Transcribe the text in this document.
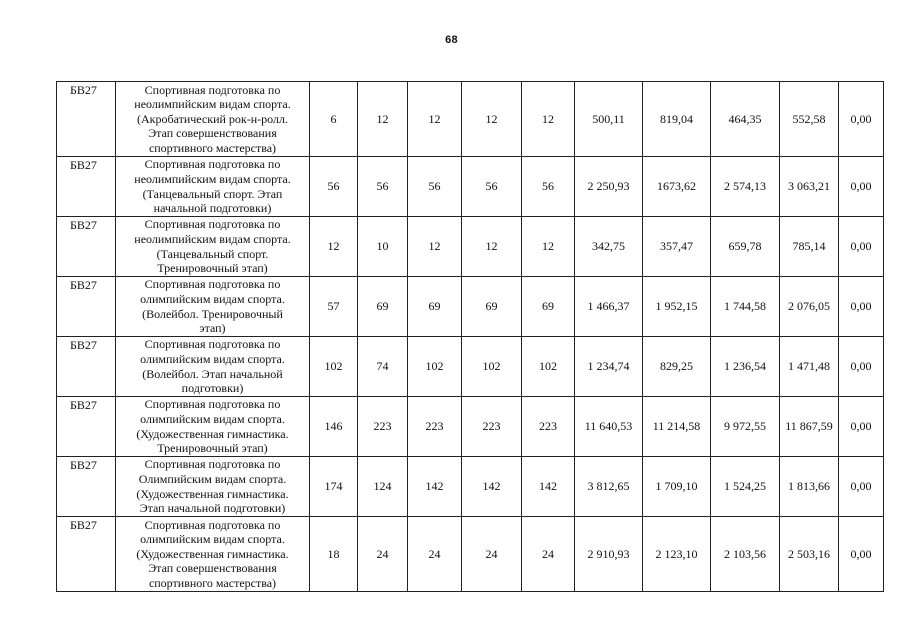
68
БВ27	Спортивная подготовка по
неолимпийским видам спорта.
(Акробатический рок-н-ролл.
Этап совершенствования
спортивного мастерства)	6	12	12	12	12	500,11	819,04	464,35	552,58	0,00
БВ27	Спортивная подготовка по
неолимпийским видам спорта.
(Танцевальный спорт. Этап
начальной подготовки)	56	56	56	56	56	2 250,93	1673,62	2 574,13	3 063,21	0,00
БВ27	Спортивная подготовка по
неолимпийским видам спорта.
(Танцевальный спорт.
Тренировочный этап)	12	10	12	12	12	342,75	357,47	659,78	785,14	0,00
БВ27	Спортивная подготовка по
олимпийским видам спорта.
(Волейбол. Тренировочный
этап)	57	69	69	69	69	1 466,37	1 952,15	1 744,58	2 076,05	0,00
БВ27	Спортивная подготовка по
олимпийским видам спорта.
(Волейбол. Этап начальной
подготовки)	102	74	102	102	102	1 234,74	829,25	1 236,54	1 471,48	0,00
БВ27	Спортивная подготовка по
олимпийским видам спорта.
(Художественная гимнастика.
Тренировочный этап)	146	223	223	223	223	11 640,53	11 214,58	9 972,55	11 867,59	0,00
БВ27	Спортивная подготовка по
Олимпийским видам спорта.
(Художественная гимнастика.
Этап начальной подготовки)	174	124	142	142	142	3 812,65	1 709,10	1 524,25	1 813,66	0,00
БВ27	Спортивная подготовка по
олимпийским видам спорта.
(Художественная гимнастика.
Этап совершенствования
спортивного мастерства)	18	24	24	24	24	2 910,93	2 123,10	2 103,56	2 503,16	0,00
